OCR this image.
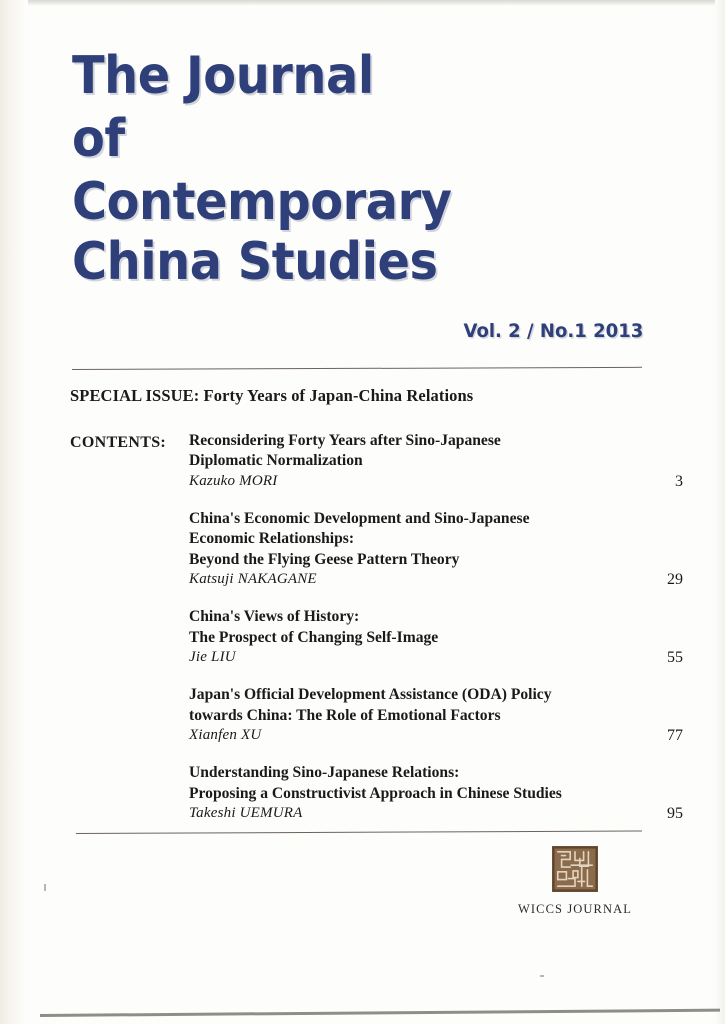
The Journal
of
Contemporary
China Studies
Vol. 2 / No.1 2013
SPECIAL ISSUE: Forty Years of Japan-China Relations
CONTENTS: Reconsidering Forty Years after Sino-Japanese
Diplomatic Normalization
Kazuko MORI	3
China's Economic Development and Sino-Japanese
Economic Relationships:
Beyond the Flying Geese Pattern Theory
Katsuji NAKAGANE	29
China's Views of History:
The Prospect of Changing Self-Image
Jie LIU	55
Japan's Official Development Assistance (ODA) Policy
towards China: The Role of Emotional Factors
Xianfen XU	77
Understanding Sino-Japanese Relations:
Proposing a Constructivist Approach in Chinese Studies
Takeshi UEMURA	95
WICCS JOURNAL
